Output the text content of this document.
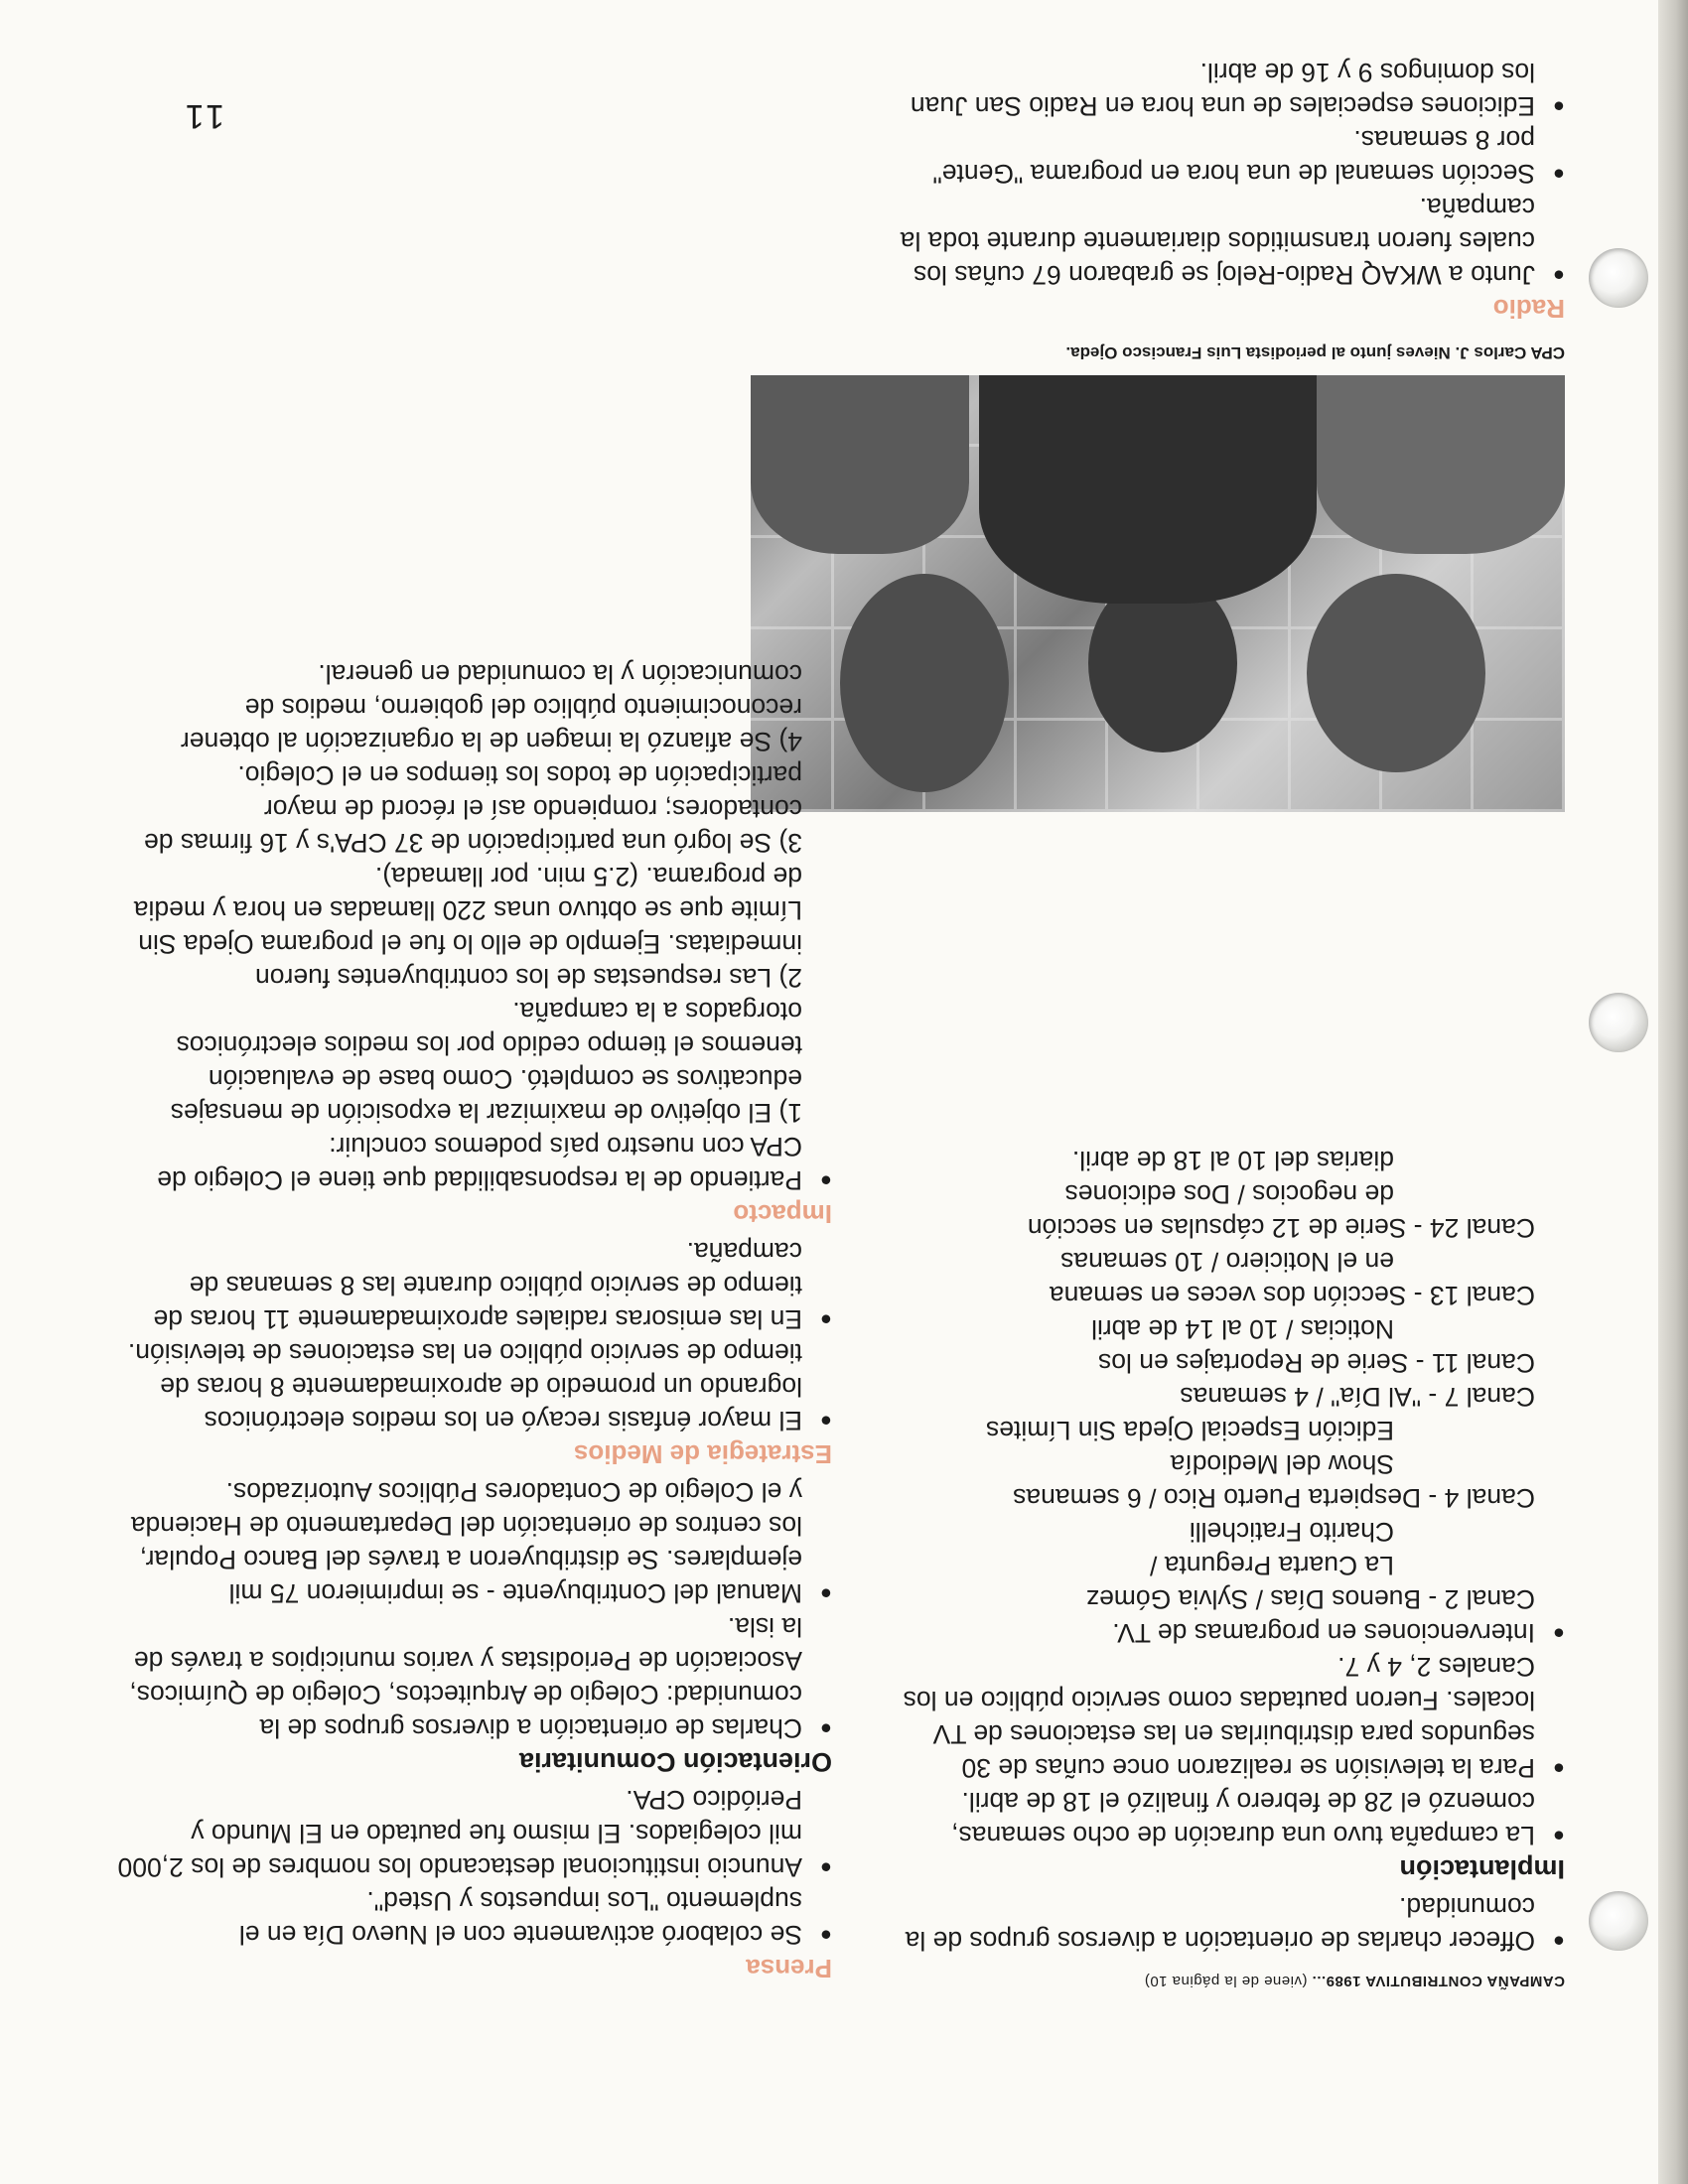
CAMPAÑA CONTRIBUTIVA 1989... (viene de la página 10)
● Offecer charlas de orientación a diversos grupos de la comunidad.
Implantación
● La campaña tuvo una duración de ocho semanas, comenzó el 28 de febrero y finalizó el 18 de abril.
● Para la televisión se realizaron once cuñas de 30 segundos para distribuirlas en las estaciones de TV locales. Fueron pautadas como servicio público en los Canales 2, 4 y 7.
● Intervenciones en programas de TV.

Canal 2 - Buenos Días / Sylvia Gómez

La Cuarta Pregunta /

Charito Fratichelli

Canal 4 - Despierta Puerto Rico / 6 semanas

Show del Mediodía

Edición Especial Ojeda Sin Límites

Canal 7 - "Al Día" / 4 semanas

Canal 11 - Serie de Reportajes en los

Noticias / 10 al 14 de abril

Canal 13 - Sección dos veces en semana

en el Noticiero / 10 semanas

Canal 24 - Serie de 12 cápsulas en sección

de negocios / Dos ediciones

diarias del 10 al 18 de abril.

CPA Carlos J. Nieves junto al periodista Luis Francisco Ojeda.
Radio
● Junto a WKAQ Radio-Reloj se grabaron 67 cuñas los cuales fueron transmitidos diariamente durante toda la campaña.
● Sección semanal de una hora en programa "Gente" por 8 semanas.
● Ediciones especiales de una hora en Radio San Juan los domingos 9 y 16 de abril.
Prensa
● Se colaboró activamente con el Nuevo Día en el suplemento "Los impuestos y Usted".
● Anuncio institucional destacando los nombres de los 2,000 mil colegiados. El mismo fue pautado en El Mundo y Periódico CPA.
Orientación Comunitaria
● Charlas de orientación a diversos grupos de la comunidad: Colegio de Arquitectos, Colegio de Químicos, Asociación de Periodistas y varios municipios a través de la isla.
● Manual del Contribuyente - se imprimieron 75 mil ejemplares. Se distribuyeron a través del Banco Popular, los centros de orientación del Departamento de Hacienda y el Colegio de Contadores Públicos Autorizados.
Estrategia de Medios
● El mayor énfasis recayó en los medios electrónicos logrando un promedio de aproximadamente 8 horas de tiempo de servicio público en las estaciones de televisión.
● En las emisoras radiales aproximadamente 11 horas de tiempo de servicio público durante las 8 semanas de campaña.
Impacto
● Partiendo de la responsabilidad que tiene el Colegio de CPA con nuestro país podemos concluir:

1) El objetivo de maximizar la exposición de mensajes educativos se completó. Como base de evaluación tenemos el tiempo cedido por los medios electrónicos otorgados a la campaña.

2) Las respuestas de los contribuyentes fueron inmediatas. Ejemplo de ello lo fue el programa Ojeda Sin Límite que se obtuvo unas 220 llamadas en hora y media de programa. (2.5 min. por llamada).

3) Se logró una participación de 37 CPA's y 16 firmas de contadores; rompiendo así el récord de mayor participación de todos los tiempos en el Colegio.

4) Se afianzó la imagen de la organización al obtener reconocimiento público del gobierno, medios de comunicación y la comunidad en general.

11
